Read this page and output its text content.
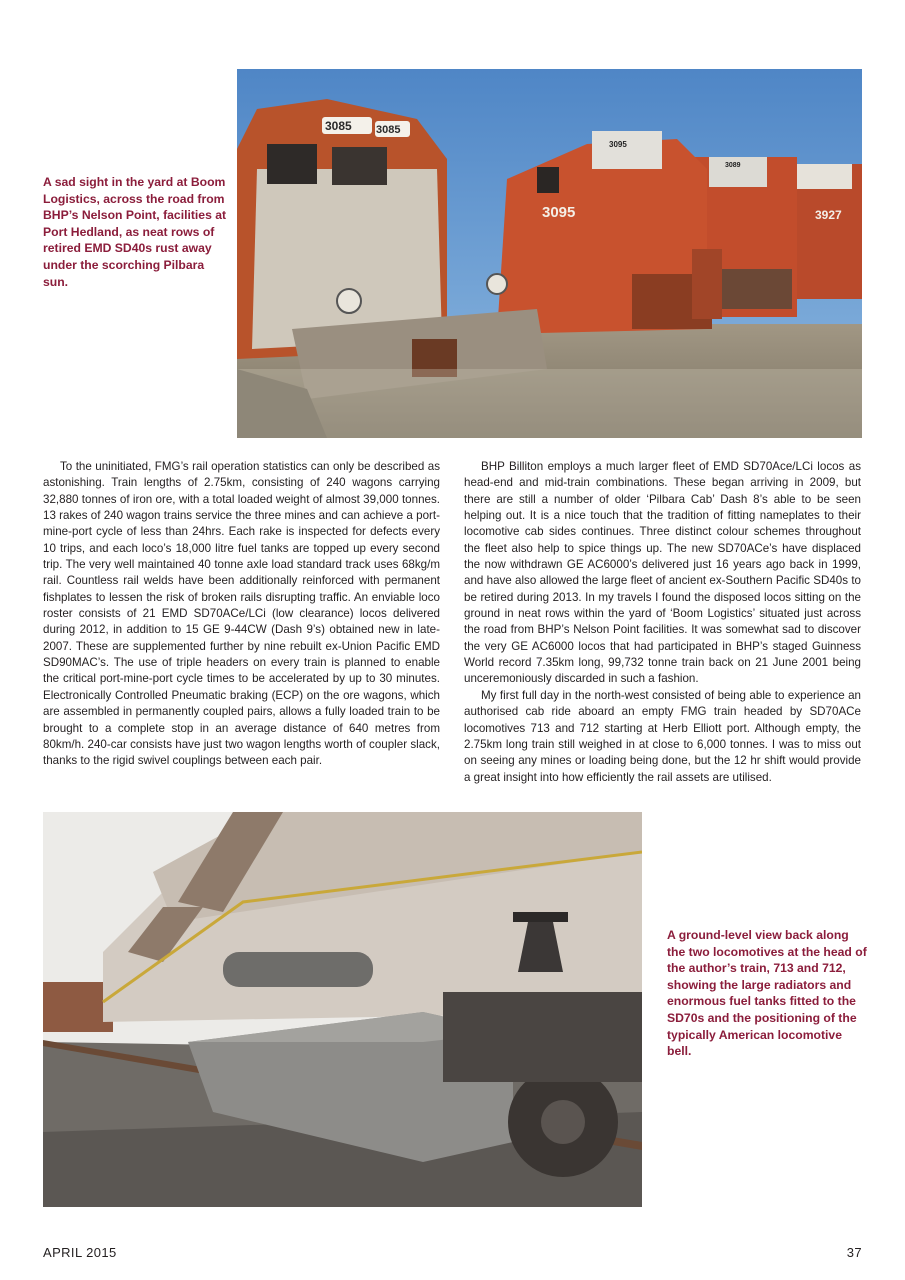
3927
3089
3095
3095
3085 3085
A sad sight in the yard at Boom Logistics, across the road from BHP’s Nelson Point, facilities at Port Hedland, as neat rows of retired EMD SD40s rust away under the scorching Pilbara sun.

To the uninitiated, FMG’s rail operation statistics can only be described as astonishing. Train lengths of 2.75km, consisting of 240 wagons carrying 32,880 tonnes of iron ore, with a total loaded weight of almost 39,000 tonnes. 13 rakes of 240 wagon trains service the three mines and can achieve a port-mine-port cycle of less than 24hrs. Each rake is inspected for defects every 10 trips, and each loco’s 18,000 litre fuel tanks are topped up every second trip. The very well maintained 40 tonne axle load standard track uses 68kg/m rail. Countless rail welds have been additionally reinforced with permanent fishplates to lessen the risk of broken rails disrupting traffic. An enviable loco roster consists of 21 EMD SD70ACe/LCi (low clearance) locos delivered during 2012, in addition to 15 GE 9-44CW (Dash 9’s) obtained new in late-2007. These are supplemented further by nine rebuilt ex-Union Pacific EMD SD90MAC’s. The use of triple headers on every train is planned to enable the critical port-mine-port cycle times to be accelerated by up to 30 minutes. Electronically Controlled Pneumatic braking (ECP) on the ore wagons, which are assembled in permanently coupled pairs, allows a fully loaded train to be brought to a complete stop in an average distance of 640 metres from 80km/h. 240-car consists have just two wagon lengths worth of coupler slack, thanks to the rigid swivel couplings between each pair.

BHP Billiton employs a much larger fleet of EMD SD70Ace/LCi locos as head-end and mid-train combinations. These began arriving in 2009, but there are still a number of older ‘Pilbara Cab’ Dash 8’s able to be seen helping out. It is a nice touch that the tradition of fitting nameplates to their locomotive cab sides continues. Three distinct colour schemes throughout the fleet also help to spice things up. The new SD70ACe’s have displaced the now withdrawn GE AC6000’s delivered just 16 years ago back in 1999, and have also allowed the large fleet of ancient ex-Southern Pacific SD40s to be retired during 2013. In my travels I found the disposed locos sitting on the ground in neat rows within the yard of ‘Boom Logistics’ situated just across the road from BHP’s Nelson Point facilities. It was somewhat sad to discover the very GE AC6000 locos that had participated in BHP’s staged Guinness World record 7.35km long, 99,732 tonne train back on 21 June 2001 being unceremoniously discarded in such a fashion.

My first full day in the north-west consisted of being able to experience an authorised cab ride aboard an empty FMG train headed by SD70ACe locomotives 713 and 712 starting at Herb Elliott port. Although empty, the 2.75km long train still weighed in at close to 6,000 tonnes. I was to miss out on seeing any mines or loading being done, but the 12 hr shift would provide a great insight into how efficiently the rail assets are utilised.

A ground-level view back along the two locomotives at the head of the author’s train, 713 and 712, showing the large radiators and enormous fuel tanks fitted to the SD70s and the positioning of the typically American locomotive bell.
APRIL 2015	37
